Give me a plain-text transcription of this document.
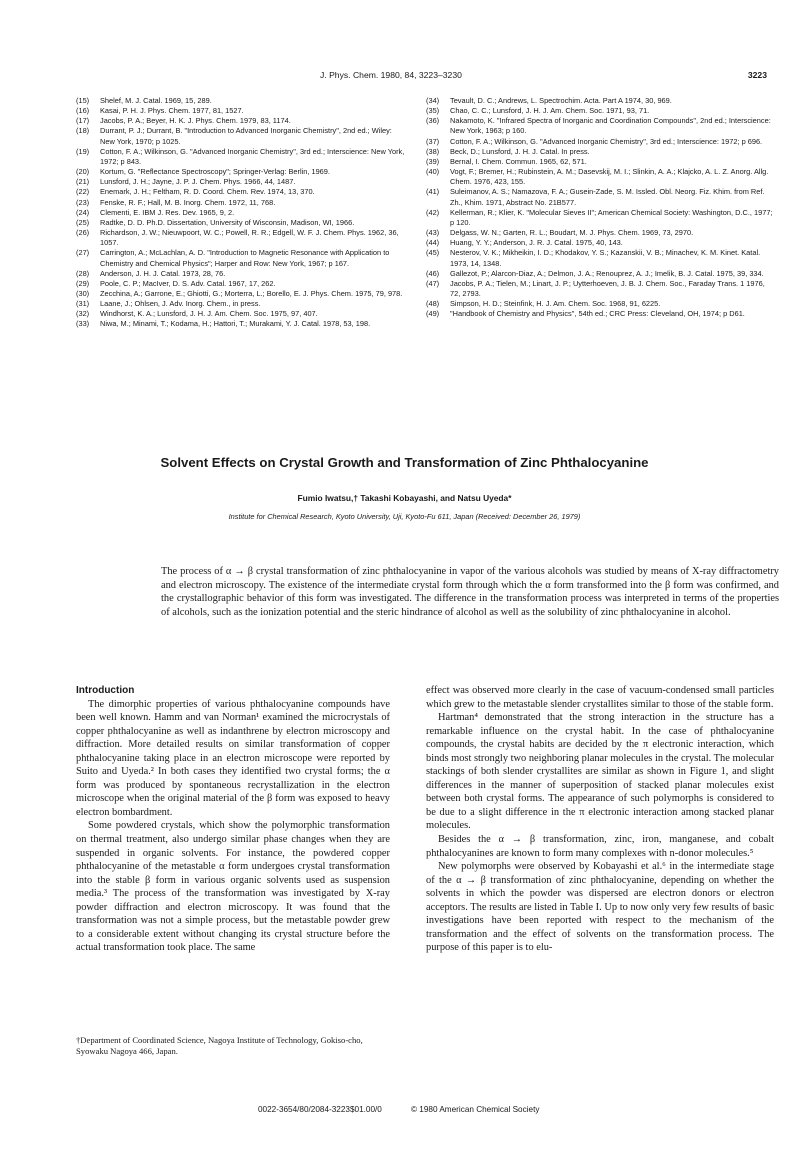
J. Phys. Chem. 1980, 84, 3223–3230	3223
(15)	Shelef, M. J. Catal. 1969, 15, 289.
(16)	Kasai, P. H. J. Phys. Chem. 1977, 81, 1527.
(17)	Jacobs, P. A.; Beyer, H. K. J. Phys. Chem. 1979, 83, 1174.
(18)	Durrant, P. J.; Durrant, B. "Introduction to Advanced Inorganic Chemistry", 2nd ed.; Wiley: New York, 1970; p 1025.
(19)	Cotton, F. A.; Wilkinson, G. "Advanced Inorganic Chemistry", 3rd ed.; Interscience: New York, 1972; p 843.
(20)	Kortum, G. "Reflectance Spectroscopy"; Springer-Verlag: Berlin, 1969.
(21)	Lunsford, J. H.; Jayne, J. P. J. Chem. Phys. 1966, 44, 1487.
(22)	Enemark, J. H.; Feltham, R. D. Coord. Chem. Rev. 1974, 13, 370.
(23)	Fenske, R. F.; Hall, M. B. Inorg. Chem. 1972, 11, 768.
(24)	Clementi, E. IBM J. Res. Dev. 1965, 9, 2.
(25)	Radtke, D. D. Ph.D. Dissertation, University of Wisconsin, Madison, WI, 1966.
(26)	Richardson, J. W.; Nieuwpoort, W. C.; Powell, R. R.; Edgell, W. F. J. Chem. Phys. 1962, 36, 1057.
(27)	Carrington, A.; McLachlan, A. D. "Introduction to Magnetic Resonance with Application to Chemistry and Chemical Physics"; Harper and Row: New York, 1967; p 167.
(28)	Anderson, J. H. J. Catal. 1973, 28, 76.
(29)	Poole, C. P.; MacIver, D. S. Adv. Catal. 1967, 17, 262.
(30)	Zecchina, A.; Garrone, E.; Ghiotti, G.; Morterra, L.; Borello, E. J. Phys. Chem. 1975, 79, 978.
(31)	Laane, J.; Ohlsen, J. Adv. Inorg. Chem., in press.
(32)	Windhorst, K. A.; Lunsford, J. H. J. Am. Chem. Soc. 1975, 97, 407.
(33)	Niwa, M.; Minami, T.; Kodama, H.; Hattori, T.; Murakami, Y. J. Catal. 1978, 53, 198.
(34)	Tevault, D. C.; Andrews, L. Spectrochim. Acta. Part A 1974, 30, 969.
(35)	Chao, C. C.; Lunsford, J. H. J. Am. Chem. Soc. 1971, 93, 71.
(36)	Nakamoto, K. "Infrared Spectra of Inorganic and Coordination Compounds", 2nd ed.; Interscience: New York, 1963; p 160.
(37)	Cotton, F. A.; Wilkinson, G. "Advanced Inorganic Chemistry", 3rd ed.; Interscience: 1972; p 696.
(38)	Beck, D.; Lunsford, J. H. J. Catal. In press.
(39)	Bernal, I. Chem. Commun. 1965, 62, 571.
(40)	Vogt, F.; Bremer, H.; Rubinstein, A. M.; Dasevskij, M. I.; Slinkin, A. A.; Klajcko, A. L. Z. Anorg. Allg. Chem. 1976, 423, 155.
(41)	Suleimanov, A. S.; Namazova, F. A.; Gusein-Zade, S. M. Issled. Obl. Neorg. Fiz. Khim. from Ref. Zh., Khim. 1971, Abstract No. 21B577.
(42)	Kellerman, R.; Klier, K. "Molecular Sieves II"; American Chemical Society: Washington, D.C., 1977; p 120.
(43)	Delgass, W. N.; Garten, R. L.; Boudart, M. J. Phys. Chem. 1969, 73, 2970.
(44)	Huang, Y. Y.; Anderson, J. R. J. Catal. 1975, 40, 143.
(45)	Nesterov, V. K.; Mikheikin, I. D.; Khodakov, Y. S.; Kazanskii, V. B.; Minachev, K. M. Kinet. Katal. 1973, 14, 1348.
(46)	Gallezot, P.; Alarcon-Diaz, A.; Delmon, J. A.; Renouprez, A. J.; Imelik, B. J. Catal. 1975, 39, 334.
(47)	Jacobs, P. A.; Tielen, M.; Linart, J. P.; Uytterhoeven, J. B. J. Chem. Soc., Faraday Trans. 1 1976, 72, 2793.
(48)	Simpson, H. D.; Steinfink, H. J. Am. Chem. Soc. 1968, 91, 6225.
(49)	"Handbook of Chemistry and Physics", 54th ed.; CRC Press: Cleveland, OH, 1974; p D61.
Solvent Effects on Crystal Growth and Transformation of Zinc Phthalocyanine
Fumio Iwatsu,† Takashi Kobayashi, and Natsu Uyeda*
Institute for Chemical Research, Kyoto University, Uji, Kyoto-Fu 611, Japan (Received: December 26, 1979)
The process of α → β crystal transformation of zinc phthalocyanine in vapor of the various alcohols was studied by means of X-ray diffractometry and electron microscopy. The existence of the intermediate crystal form through which the α form transformed into the β form was confirmed, and the crystallographic behavior of this form was investigated. The difference in the transformation process was interpreted in terms of the properties of alcohols, such as the ionization potential and the steric hindrance of alcohol as well as the solubility of zinc phthalocyanine in alcohol.
Introduction

The dimorphic properties of various phthalocyanine compounds have been well known. Hamm and van Norman¹ examined the microcrystals of copper phthalocyanine as well as indanthrene by electron microscopy and diffraction. More detailed results on similar transformation of copper phthalocyanine taking place in an electron microscope were reported by Suito and Uyeda.² In both cases they identified two crystal forms; the α form was produced by spontaneous recrystallization in the electron microscope when the original material of the β form was exposed to heavy electron bombardment.

Some powdered crystals, which show the polymorphic transformation on thermal treatment, also undergo similar phase changes when they are suspended in organic solvents. For instance, the powdered copper phthalocyanine of the metastable α form undergoes crystal transformation into the stable β form in various organic solvents used as suspension media.³ The process of the transformation was investigated by X-ray powder diffraction and electron microscopy. It was found that the transformation was not a simple process, but the metastable powder grew to a considerable extent without changing its crystal structure before the actual transformation took place. The same

effect was observed more clearly in the case of vacuum-condensed small particles which grew to the metastable slender crystallites similar to those of the stable form.

Hartman⁴ demonstrated that the strong interaction in the structure has a remarkable influence on the crystal habit. In the case of phthalocyanine compounds, the crystal habits are decided by the π electronic interaction, which binds most strongly two neighboring planar molecules in the crystal. The molecular stackings of both slender crystallites are similar as shown in Figure 1, and slight differences in the manner of superposition of stacked planar molecules exist between both crystal forms. The appearance of such polymorphs is considered to be due to a slight difference in the π electronic interaction among stacked planar molecules.

Besides the α → β transformation, zinc, iron, manganese, and cobalt phthalocyanines are known to form many complexes with n-donor molecules.⁵

New polymorphs were observed by Kobayashi et al.⁶ in the intermediate stage of the α → β transformation of zinc phthalocyanine, depending on whether the solvents in which the powder was dispersed are electron donors or electron acceptors. The results are listed in Table I. Up to now only very few results of basic investigations have been reported with respect to the mechanism of the transformation and the effect of solvents on the transformation process. The purpose of this paper is to elu-

†Department of Coordinated Science, Nagoya Institute of Technology, Gokiso-cho, Syowaku Nagoya 466, Japan.
0022-3654/80/2084-3223$01.00/0	© 1980 American Chemical Society
